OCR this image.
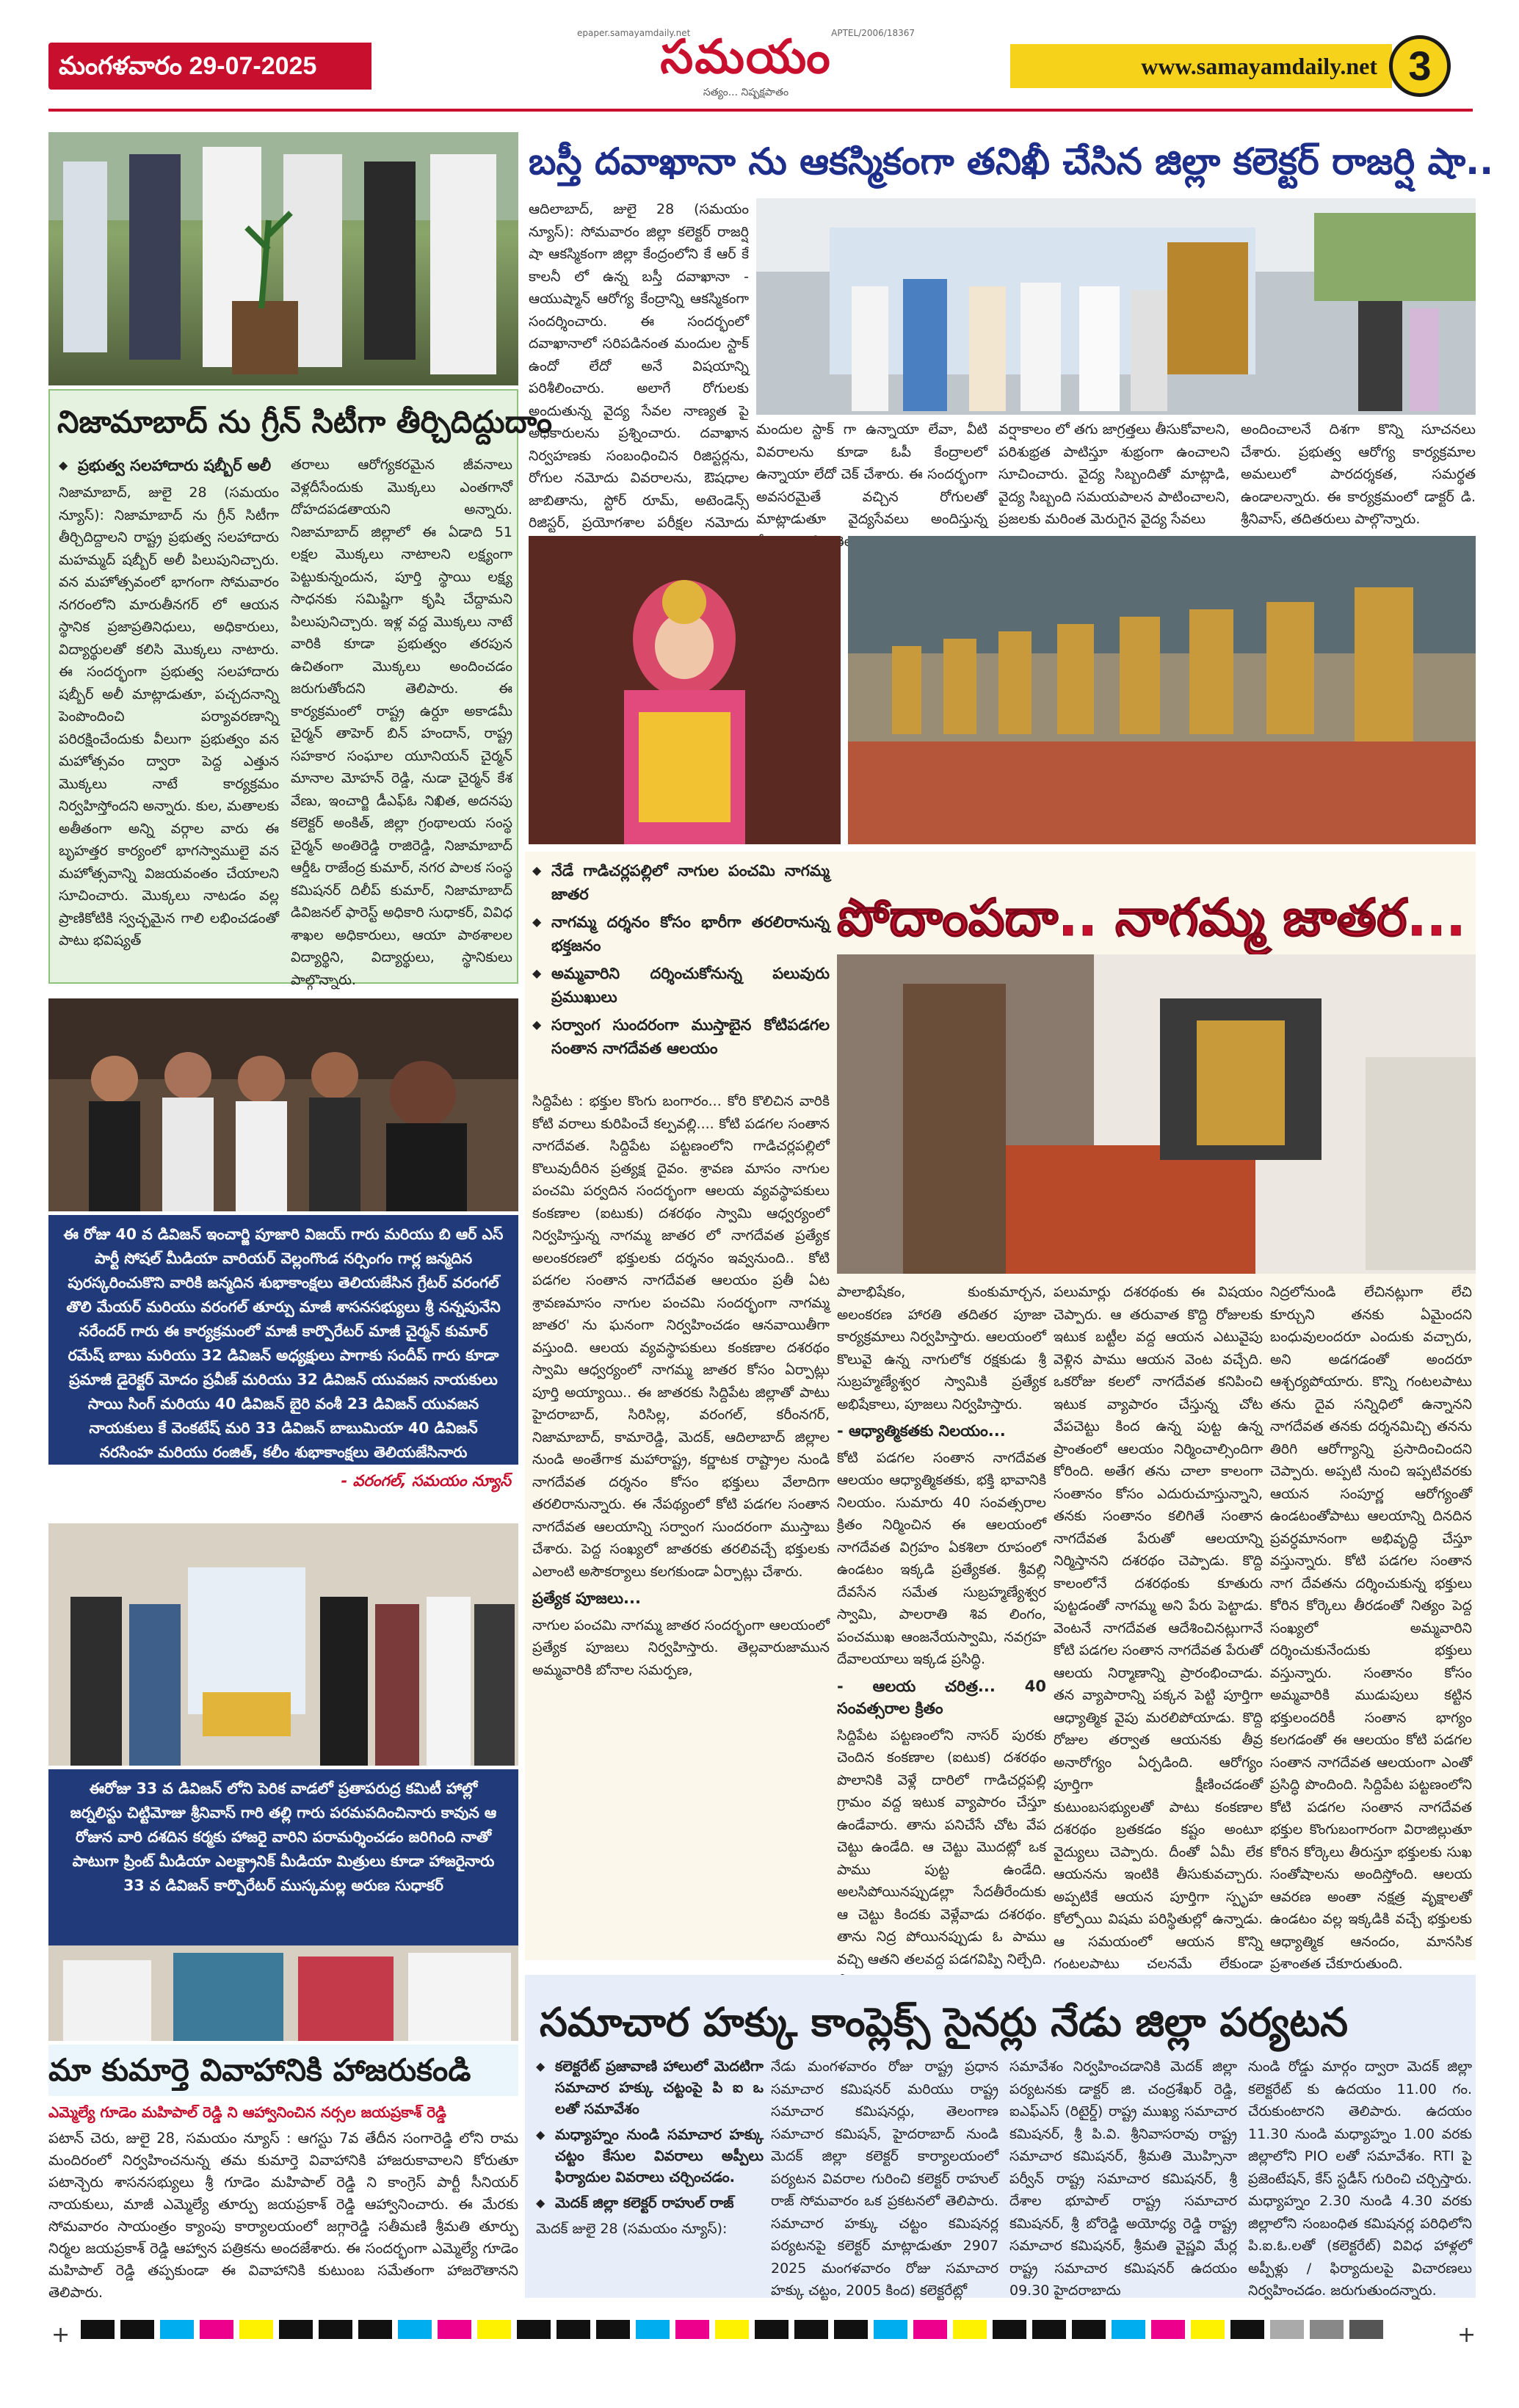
మంగళవారం 29-07-2025
epaper.samayamdaily.net	APTEL/2006/18367
సమయం
సత్యం... నిష్పక్షపాతం
www.samayamdaily.net 3
బస్తీ దవాఖానా ను ఆకస్మికంగా తనిఖీ చేసిన జిల్లా కలెక్టర్ రాజర్షి షా..
ఆదిలాబాద్, జులై 28 (సమయం న్యూస్): సోమవారం జిల్లా కలెక్టర్ రాజర్షి షా ఆకస్మికంగా జిల్లా కేంద్రంలోని కే ఆర్ కే కాలనీ లో ఉన్న బస్తీ దవాఖానా - ఆయుష్మాన్ ఆరోగ్య కేంద్రాన్ని ఆకస్మికంగా సందర్శించారు. ఈ సందర్భంలో దవాఖానాలో సరిపడినంత మందుల స్టాక్ ఉందో లేదో అనే విషయాన్ని పరిశీలించారు. అలాగే రోగులకు అందుతున్న వైద్య సేవల నాణ్యత పై అధికారులను ప్రశ్నించారు. దవాఖాన నిర్వహణకు సంబంధించిన రిజిస్టర్లను, రోగుల నమోదు వివరాలను, ఔషధాల జాబితాను, స్టోర్ రూమ్, అటెండెన్స్ రిజిస్టర్, ప్రయోగశాల పరీక్షల నమోదు
మందుల స్టాక్ గా ఉన్నాయా లేవా, వీటి వివరాలను కూడా ఓపీ కేంద్రాలలో ఉన్నాయా లేదో చెక్ చేశారు. ఈ సందర్భంగా అవసరమైతే వచ్చిన రోగులతో మాట్లాడుతూ వైద్యసేవలు అందిస్తున్న
వర్షాకాలం లో తగు జాగ్రత్తలు తీసుకోవాలని, పరిశుభ్రత పాటిస్తూ శుభ్రంగా ఉంచాలని సూచించారు. వైద్య సిబ్బందితో మాట్లాడి, వైద్య సిబ్బంది సమయపాలన పాటించాలని, ప్రజలకు మరింత మెరుగైన వైద్య సేవలు
అందించాలనే దిశగా కొన్ని సూచనలు చేశారు. ప్రభుత్వ ఆరోగ్య కార్యక్రమాల అమలులో పారదర్శకత, సమర్థత ఉండాలన్నారు. ఈ కార్యక్రమంలో డాక్టర్ డి. శ్రీనివాస్, తదితరులు పాల్గొన్నారు.
నిజామాబాద్ ను గ్రీన్ సిటీగా తీర్చిదిద్దుదాం
◆ ప్రభుత్వ సలహాదారు షబ్బీర్ అలీ
నిజామాబాద్, జులై 28 (సమయం న్యూస్): నిజామాబాద్ ను గ్రీన్ సిటీగా తీర్చిదిద్దాలని రాష్ట్ర ప్రభుత్వ సలహాదారు మహమ్మద్ షబ్బీర్ అలీ పిలుపునిచ్చారు. వన మహోత్సవంలో భాగంగా సోమవారం నగరంలోని మారుతీనగర్ లో ఆయన స్థానిక ప్రజాప్రతినిధులు, అధికారులు, విద్యార్థులతో కలిసి మొక్కలు నాటారు. ఈ సందర్భంగా ప్రభుత్వ సలహాదారు షబ్బీర్ అలీ మాట్లాడుతూ, పచ్చదనాన్ని పెంపొందించి పర్యావరణాన్ని పరిరక్షించేందుకు వీలుగా ప్రభుత్వం వన మహోత్సవం ద్వారా పెద్ద ఎత్తున మొక్కలు నాటే కార్యక్రమం నిర్వహిస్తోందని అన్నారు. కుల, మతాలకు అతీతంగా అన్ని వర్గాల వారు ఈ బృహత్తర కార్యంలో భాగస్వాములై వన మహోత్సవాన్ని విజయవంతం చేయాలని సూచించారు. మొక్కలు నాటడం వల్ల ప్రాణికోటికి స్వచ్ఛమైన గాలి లభించడంతో పాటు భవిష్యత్
తరాలు ఆరోగ్యకరమైన జీవనాలు వెళ్లదీసేందుకు మొక్కలు ఎంతగానో దోహదపడతాయని అన్నారు. నిజామాబాద్ జిల్లాలో ఈ ఏడాది 51 లక్షల మొక్కలు నాటాలని లక్ష్యంగా పెట్టుకున్నందున, పూర్తి స్థాయి లక్ష్య సాధనకు సమిష్టిగా కృషి చేద్దామని పిలుపునిచ్చారు. ఇళ్ల వద్ద మొక్కలు నాటే వారికి కూడా ప్రభుత్వం తరపున ఉచితంగా మొక్కలు అందించడం జరుగుతోందని తెలిపారు. ఈ కార్యక్రమంలో రాష్ట్ర ఉర్దూ అకాడమీ చైర్మన్ తాహెర్ బిన్ హందాన్, రాష్ట్ర సహకార సంఘాల యూనియన్ చైర్మన్ మానాల మోహన్ రెడ్డి, నుడా చైర్మన్ కేశ వేణు, ఇంచార్జి డీఎఫ్ఓ నిఖిత, అదనపు కలెక్టర్ అంకిత్, జిల్లా గ్రంథాలయ సంస్థ చైర్మన్ అంతిరెడ్డి రాజిరెడ్డి, నిజామాబాద్ ఆర్డీఓ రాజేంద్ర కుమార్, నగర పాలక సంస్థ కమిషనర్ దిలీప్ కుమార్, నిజామాబాద్ డివిజనల్ ఫారెస్ట్ అధికారి సుధాకర్, వివిధ శాఖల అధికారులు, ఆయా పాఠశాలల విద్యార్థిని, విద్యార్థులు, స్థానికులు పాల్గొన్నారు.
ఈ రోజు 40 వ డివిజన్ ఇంచార్జి పూజారి విజయ్ గారు మరియు బి ఆర్ ఎస్ పార్టీ సోషల్ మీడియా వారియర్ వెల్లంగొండ నర్సింగం గార్ల జన్మదిన పురస్కరించుకొని వారికి జన్మదిన శుభాకాంక్షలు తెలియజేసిన గ్రేటర్ వరంగల్ తొలి మేయర్ మరియు వరంగల్ తూర్పు మాజీ శాసనసభ్యులు శ్రీ నన్నపునేని నరేందర్ గారు ఈ కార్యక్రమంలో మాజీ కార్పొరేటర్ మాజీ చైర్మన్ కుమార్ రమేష్ బాబు మరియు 32 డివిజన్ అధ్యక్షులు పాగాకు సందీప్ గారు కూడా ప్రమాజీ డైరెక్టర్ మోదం ప్రవీణ్ మరియు 32 డివిజన్ యువజన నాయకులు సాయి సింగ్ మరియు 40 డివిజన్ బైరి వంశీ 23 డివిజన్ యువజన నాయకులు కే వెంకటేష్ మరి 33 డివిజన్ బాబుమియా 40 డివిజన్ నరసింహ మరియు రంజిత్, కలీం శుభాకాంక్షలు తెలియజేసినారు
- వరంగల్, సమయం న్యూస్
ఈరోజు 33 వ డివిజన్ లోని పెరిక వాడలో ప్రతాపరుద్ర కమిటీ హాల్లో జర్నలిస్టు చిట్టిమోజు శ్రీనివాస్ గారి తల్లి గారు పరమపదించినారు కావున ఆ రోజున వారి దశదిన కర్మకు హాజరై వారిని పరామర్శించడం జరిగింది నాతో పాటుగా ప్రింట్ మీడియా ఎలక్ట్రానిక్ మీడియా మిత్రులు కూడా హాజరైనారు 33 వ డివిజన్ కార్పొరేటర్ ముస్కమల్ల అరుణ సుధాకర్
మా కుమార్తె వివాహానికి హాజరుకండి
ఎమ్మెల్యే గూడెం మహిపాల్ రెడ్డి ని ఆహ్వానించిన నర్సల జయప్రకాశ్ రెడ్డి
పటాన్ చెరు, జులై 28, సమయం న్యూస్ : ఆగస్టు 7వ తేదీన సంగారెడ్డి లోని రామ మందిరంలో నిర్వహించనున్న తమ కుమార్తె వివాహానికి హాజరుకావాలని కోరుతూ పటాన్చెరు శాసనసభ్యులు శ్రీ గూడెం మహిపాల్ రెడ్డి ని కాంగ్రెస్ పార్టీ సీనియర్ నాయకులు, మాజీ ఎమ్మెల్యే తూర్పు జయప్రకాశ్ రెడ్డి ఆహ్వానించారు. ఈ మేరకు సోమవారం సాయంత్రం క్యాంపు కార్యాలయంలో జగ్గారెడ్డి సతీమణి శ్రీమతి తూర్పు నిర్మల జయప్రకాశ్ రెడ్డి ఆహ్వాన పత్రికను అందజేశారు. ఈ సందర్భంగా ఎమ్మెల్యే గూడెం మహిపాల్ రెడ్డి తప్పకుండా ఈ వివాహానికి కుటుంబ సమేతంగా హాజరౌతానని తెలిపారు.
◆ నేడే గాడిచర్లపల్లిలో నాగుల పంచమి నాగమ్మ జాతర
◆ నాగమ్మ దర్శనం కోసం భారీగా తరలిరానున్న భక్తజనం
◆ అమ్మవారిని దర్శించుకోనున్న పలువురు ప్రముఖులు
◆ సర్వాంగ సుందరంగా ముస్తాబైన కోటిపడగల సంతాన నాగదేవత ఆలయం
పోదాంపదా.. నాగమ్మ జాతర...
సిద్దిపేట : భక్తుల కొంగు బంగారం... కోరి కొలిచిన వారికి కోటి వరాలు కురిపించే కల్పవల్లి.... కోటి పడగల సంతాన నాగదేవత. సిద్దిపేట పట్టణంలోని గాడిచర్లపల్లిలో కొలువుదీరిన ప్రత్యక్ష దైవం. శ్రావణ మాసం నాగుల పంచమి పర్వదిన సందర్భంగా ఆలయ వ్యవస్థాపకులు కంకణాల (ఐటుకు) దశరథం స్వామి ఆధ్వర్యంలో నిర్వహిస్తున్న నాగమ్మ జాతర లో నాగదేవత ప్రత్యేక అలంకరణలో భక్తులకు దర్శనం ఇవ్వనుంది.. కోటి పడగల సంతాన నాగదేవత ఆలయం ప్రతీ ఏట శ్రావణమాసం నాగుల పంచమి సందర్భంగా నాగమ్మ జాతర' ను ఘనంగా నిర్వహించడం ఆనవాయితీగా వస్తుంది. ఆలయ వ్యవస్థాపకులు కంకణాల దశరథం స్వామి ఆధ్వర్యంలో నాగమ్మ జాతర కోసం ఏర్పాట్లు పూర్తి అయ్యాయి.. ఈ జాతరకు సిద్దిపేట జిల్లాతో పాటు హైదరాబాద్, సిరిసిల్ల, వరంగల్, కరీంనగర్, నిజామాబాద్, కామారెడ్డి, మెదక్, ఆదిలాబాద్ జిల్లాల నుండి అంతేగాక మహారాష్ట్ర, కర్ణాటక రాష్ట్రాల నుండి నాగదేవత దర్శనం కోసం భక్తులు వేలాదిగా తరలిరానున్నారు. ఈ నేపథ్యంలో కోటి పడగల సంతాన నాగదేవత ఆలయాన్ని సర్వాంగ సుందరంగా ముస్తాబు చేశారు. పెద్ద సంఖ్యలో జాతరకు తరలివచ్చే భక్తులకు ఎలాంటి అసౌకర్యాలు కలగకుండా ఏర్పాట్లు చేశారు.
ప్రత్యేక పూజలు...
నాగుల పంచమి నాగమ్మ జాతర సందర్భంగా ఆలయంలో ప్రత్యేక పూజలు నిర్వహిస్తారు. తెల్లవారుజామున అమ్మవారికి బోనాల సమర్పణ,
పాలాభిషేకం, కుంకుమార్చన, అలంకరణ హారతి తదితర పూజా కార్యక్రమాలు నిర్వహిస్తారు. ఆలయంలో కొలువై ఉన్న నాగులోక రక్షకుడు శ్రీ సుబ్రహ్మణ్యేశ్వర స్వామికి ప్రత్యేక అభిషేకాలు, పూజలు నిర్వహిస్తారు.
- ఆధ్యాత్మికతకు నిలయం...
కోటి పడగల సంతాన నాగదేవత ఆలయం ఆధ్యాత్మికతకు, భక్తి భావానికి నిలయం. సుమారు 40 సంవత్సరాల క్రితం నిర్మించిన ఈ ఆలయంలో నాగదేవత విగ్రహం ఏకశిలా రూపంలో ఉండటం ఇక్కడి ప్రత్యేకత. శ్రీవల్లి దేవసేన సమేత సుబ్రహ్మణ్యేశ్వర స్వామి, పాలరాతి శివ లింగం, పంచముఖ ఆంజనేయస్వామి, నవగ్రహ దేవాలయాలు ఇక్కడ ప్రసిద్ధి.
- ఆలయ చరిత్ర... 40 సంవత్సరాల క్రితం
సిద్దిపేట పట్టణంలోని నాసర్ పురకు చెందిన కంకణాల (ఐటుక) దశరథం పొలానికి వెళ్లే దారిలో గాడిచర్లపల్లి గ్రామం వద్ద ఇటుక వ్యాపారం చేస్తూ ఉండేవారు. తాను పనిచేసే చోట వేప చెట్టు ఉండేది. ఆ చెట్టు మొదట్లో ఒక పాము పుట్ట ఉండేది. అలసిపోయినప్పుడల్లా సేదతీరేందుకు ఆ చెట్టు కిందకు వెళ్లేవాడు దశరథం. తాను నిద్ర పోయినప్పుడు ఓ పాము వచ్చి ఆతని తలవద్ద పడగవిప్పి నిల్చేది.
పలుమార్లు దశరథంకు ఈ విషయం చెప్పారు. ఆ తరువాత కొద్ది రోజులకు ఇటుక బట్టీల వద్ద ఆయన ఎటువైపు వెళ్లిన పాము ఆయన వెంట వచ్చేది. ఒకరోజు కలలో నాగదేవత కనిపించి ఇటుక వ్యాపారం చేస్తున్న చోట వేపచెట్టు కింద ఉన్న పుట్ట ఉన్న ప్రాంతంలో ఆలయం నిర్మించాల్సిందిగా కోరింది. అతేగ తను చాలా కాలంగా సంతానం కోసం ఎదురుచూస్తున్నాని, తనకు సంతానం కలిగితే సంతాన నాగదేవత పేరుతో ఆలయాన్ని నిర్మిస్తానని దశరథం చెప్పాడు. కొద్ది కాలంలోనే దశరథంకు కూతురు పుట్టడంతో నాగమ్మ అని పేరు పెట్టాడు. వెంటనే నాగదేవత ఆదేశించినట్లుగానే కోటి పడగల సంతాన నాగదేవత పేరుతో ఆలయ నిర్మాణాన్ని ప్రారంభించాడు. తన వ్యాపారాన్ని పక్కన పెట్టి పూర్తిగా ఆధ్యాత్మిక వైపు మరలిపోయాడు. కొద్ది రోజుల తర్వాత ఆయనకు తీవ్ర అనారోగ్యం ఏర్పడింది. ఆరోగ్యం పూర్తిగా క్షీణించడంతో కుటుంబసభ్యులతో పాటు కంకణాల దశరథం బ్రతకడం కష్టం అంటూ వైద్యులు చెప్పారు. దీంతో ఏమీ లేక ఆయనను ఇంటికి తీసుకువచ్చారు. అప్పటికే ఆయన పూర్తిగా స్పృహ కోల్పోయి విషమ పరిస్థితుల్లో ఉన్నాడు. ఆ సమయంలో ఆయన కొన్ని గంటలపాటు చలనమే లేకుండా
నిద్రలోనుండి లేచినట్లుగా లేచి కూర్చుని తనకు ఏమైందని బంధువులందరూ ఎందుకు వచ్చారు, అని అడగడంతో అందరూ ఆశ్చర్యపోయారు. కొన్ని గంటలపాటు తను దైవ సన్నిధిలో ఉన్నానని నాగదేవత తనకు దర్శనమిచ్చి తనను తిరిగి ఆరోగ్యాన్ని ప్రసాదించిందని చెప్పారు. అప్పటి నుంచి ఇప్పటివరకు ఆయన సంపూర్ణ ఆరోగ్యంతో ఉండటంతోపాటు ఆలయాన్ని దినదిన ప్రవర్ధమానంగా అభివృద్ధి చేస్తూ వస్తున్నారు. కోటి పడగల సంతాన నాగ దేవతను దర్శించుకున్న భక్తులు కోరిన కోర్కెలు తీరడంతో నిత్యం పెద్ద సంఖ్యలో అమ్మవారిని దర్శించుకునేందుకు భక్తులు వస్తున్నారు. సంతానం కోసం అమ్మవారికి ముడుపులు కట్టిన భక్తులందరికీ సంతాన భాగ్యం కలగడంతో ఈ ఆలయం కోటి పడగల సంతాన నాగదేవత ఆలయంగా ఎంతో ప్రసిద్ధి పొందింది. సిద్దిపేట పట్టణంలోని కోటి పడగల సంతాన నాగదేవత భక్తుల కొంగుబంగారంగా విరాజిల్లుతూ కోరిన కోర్కెలు తీరుస్తూ భక్తులకు సుఖ సంతోషాలను అందిస్తోంది. ఆలయ ఆవరణ అంతా నక్షత్ర వృక్షాలతో ఉండటం వల్ల ఇక్కడికి వచ్చే భక్తులకు ఆధ్యాత్మిక ఆనందం, మానసిక ప్రశాంతత చేకూరుతుంది.
సమాచార హక్కు కాంప్లెక్స్ సైనర్లు నేడు జిల్లా పర్యటన
◆ కలెక్టరేట్ ప్రజావాణి హాలులో మెదటిగా సమాచార హక్కు చట్టంపై పి ఐ ఒ లతో సమావేశం
◆ మధ్యాహ్నం నుండి సమాచార హక్కు చట్టం కేసుల వివరాలు అప్పీలు ఫిర్యాదుల వివరాలు చర్చించడం.
◆ మెదక్ జిల్లా కలెక్టర్ రాహుల్ రాజ్
మెదక్ జులై 28 (సమయం న్యూస్):
నేడు మంగళవారం రోజు రాష్ట్ర ప్రధాన సమాచార కమిషనర్ మరియు రాష్ట్ర సమాచార కమిషనర్లు, తెలంగాణ సమాచార కమిషన్, హైదరాబాద్ నుండి మెదక్ జిల్లా కలెక్టర్ కార్యాలయంలో పర్యటన వివరాల గురించి కలెక్టర్ రాహుల్ రాజ్ సోమవారం ఒక ప్రకటనలో తెలిపారు. సమాచార హక్కు చట్టం కమిషనర్ల పర్యటనపై కలెక్టర్ మాట్లాడుతూ 2907 2025 మంగళవారం రోజు సమాచార హక్కు చట్టం, 2005 కింద) కలెక్టరేట్లో
సమావేశం నిర్వహించడానికి మెదక్ జిల్లా పర్యటనకు డాక్టర్ జి. చంద్రశేఖర్ రెడ్డి, ఐఎఫ్ఎస్ (రిటైర్డ్) రాష్ట్ర ముఖ్య సమాచార కమిషనర్, శ్రీ పి.వి. శ్రీనివాసరావు రాష్ట్ర సమాచార కమిషనర్, శ్రీమతి మొహ్సినా పర్వీన్ రాష్ట్ర సమాచార కమిషనర్, శ్రీ దేశాల భూపాల్ రాష్ట్ర సమాచార కమిషనర్, శ్రీ బోరెడ్డి అయోధ్య రెడ్డి రాష్ట్ర సమాచార కమిషనర్, శ్రీమతి వైష్ణవి మేర్ల రాష్ట్ర సమాచార కమిషనర్ ఉదయం 09.30 హైదరాబాదు
నుండి రోడ్డు మార్గం ద్వారా మెదక్ జిల్లా కలెక్టరేట్ కు ఉదయం 11.00 గం. చేరుకుంటారని తెలిపారు. ఉదయం 11.30 నుండి మధ్యాహ్నం 1.00 వరకు జిల్లాలోని PIO లతో సమావేశం. RTI పై ప్రజెంటేషన్, కేస్ స్టడీస్ గురించి చర్చిస్తారు. మధ్యాహ్నం 2.30 నుండి 4.30 వరకు జిల్లాలోని సంబంధిత కమిషనర్ల పరిధిలోని పి.ఐ.ఓ.లతో (కలెక్టరేట్) వివిధ హాళ్లలో అప్పీళ్లు / ఫిర్యాదులపై విచారణలు నిర్వహించడం. జరుగుతుందన్నారు.
+	+
